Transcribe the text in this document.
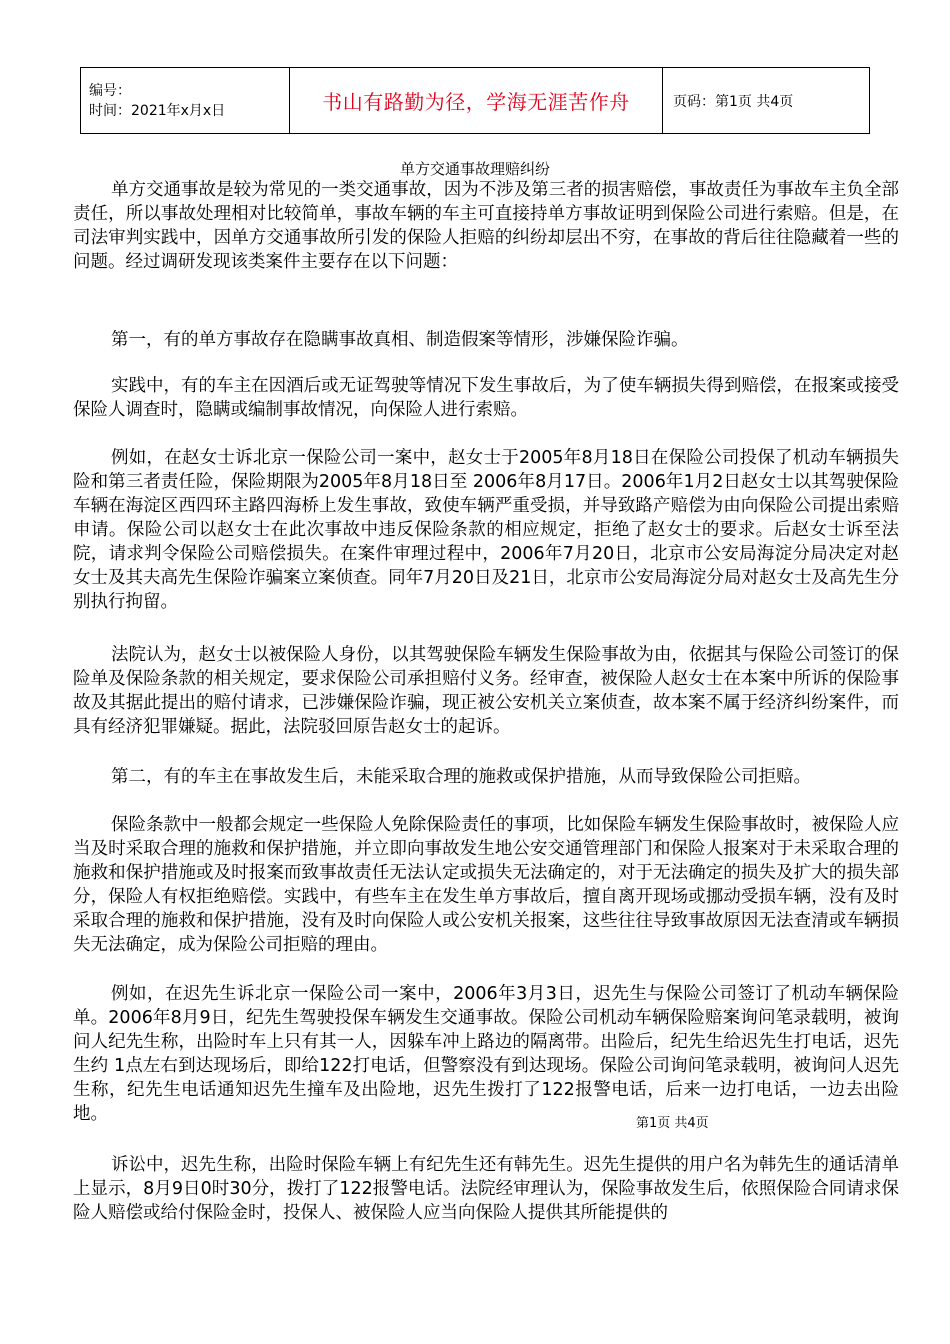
编号：
时间：2021年x月x日	书山有路勤为径，学海无涯苦作舟	页码：第1页 共4页
单方交通事故理赔纠纷

单方交通事故是较为常见的一类交通事故，因为不涉及第三者的损害赔偿，事故责任为事故车主负全部责任，所以事故处理相对比较简单，事故车辆的车主可直接持单方事故证明到保险公司进行索赔。但是，在司法审判实践中，因单方交通事故所引发的保险人拒赔的纠纷却层出不穷，在事故的背后往往隐藏着一些的问题。经过调研发现该类案件主要存在以下问题：

第一，有的单方事故存在隐瞒事故真相、制造假案等情形，涉嫌保险诈骗。

实践中，有的车主在因酒后或无证驾驶等情况下发生事故后，为了使车辆损失得到赔偿，在报案或接受保险人调查时，隐瞒或编制事故情况，向保险人进行索赔。

例如，在赵女士诉北京一保险公司一案中，赵女士于2005年8月18日在保险公司投保了机动车辆损失险和第三者责任险，保险期限为2005年8月18日至 2006年8月17日。2006年1月2日赵女士以其驾驶保险车辆在海淀区西四环主路四海桥上发生事故，致使车辆严重受损，并导致路产赔偿为由向保险公司提出索赔申请。保险公司以赵女士在此次事故中违反保险条款的相应规定，拒绝了赵女士的要求。后赵女士诉至法院，请求判令保险公司赔偿损失。在案件审理过程中，2006年7月20日，北京市公安局海淀分局决定对赵女士及其夫高先生保险诈骗案立案侦查。同年7月20日及21日，北京市公安局海淀分局对赵女士及高先生分别执行拘留。

法院认为，赵女士以被保险人身份，以其驾驶保险车辆发生保险事故为由，依据其与保险公司签订的保险单及保险条款的相关规定，要求保险公司承担赔付义务。经审查，被保险人赵女士在本案中所诉的保险事故及其据此提出的赔付请求，已涉嫌保险诈骗，现正被公安机关立案侦查，故本案不属于经济纠纷案件，而具有经济犯罪嫌疑。据此，法院驳回原告赵女士的起诉。

第二，有的车主在事故发生后，未能采取合理的施救或保护措施，从而导致保险公司拒赔。

保险条款中一般都会规定一些保险人免除保险责任的事项，比如保险车辆发生保险事故时，被保险人应当及时采取合理的施救和保护措施，并立即向事故发生地公安交通管理部门和保险人报案对于未采取合理的施救和保护措施或及时报案而致事故责任无法认定或损失无法确定的，对于无法确定的损失及扩大的损失部分，保险人有权拒绝赔偿。实践中，有些车主在发生单方事故后，擅自离开现场或挪动受损车辆，没有及时采取合理的施救和保护措施，没有及时向保险人或公安机关报案，这些往往导致事故原因无法查清或车辆损失无法确定，成为保险公司拒赔的理由。

例如，在迟先生诉北京一保险公司一案中，2006年3月3日，迟先生与保险公司签订了机动车辆保险单。2006年8月9日，纪先生驾驶投保车辆发生交通事故。保险公司机动车辆保险赔案询问笔录载明，被询问人纪先生称，出险时车上只有其一人，因躲车冲上路边的隔离带。出险后，纪先生给迟先生打电话，迟先生约 1点左右到达现场后，即给122打电话，但警察没有到达现场。保险公司询问笔录载明，被询问人迟先生称，纪先生电话通知迟先生撞车及出险地，迟先生拨打了122报警电话，后来一边打电话，一边去出险地。	第1页 共4页

诉讼中，迟先生称，出险时保险车辆上有纪先生还有韩先生。迟先生提供的用户名为韩先生的通话清单上显示，8月9日0时30分，拨打了122报警电话。法院经审理认为，保险事故发生后，依照保险合同请求保险人赔偿或给付保险金时，投保人、被保险人应当向保险人提供其所能提供的
